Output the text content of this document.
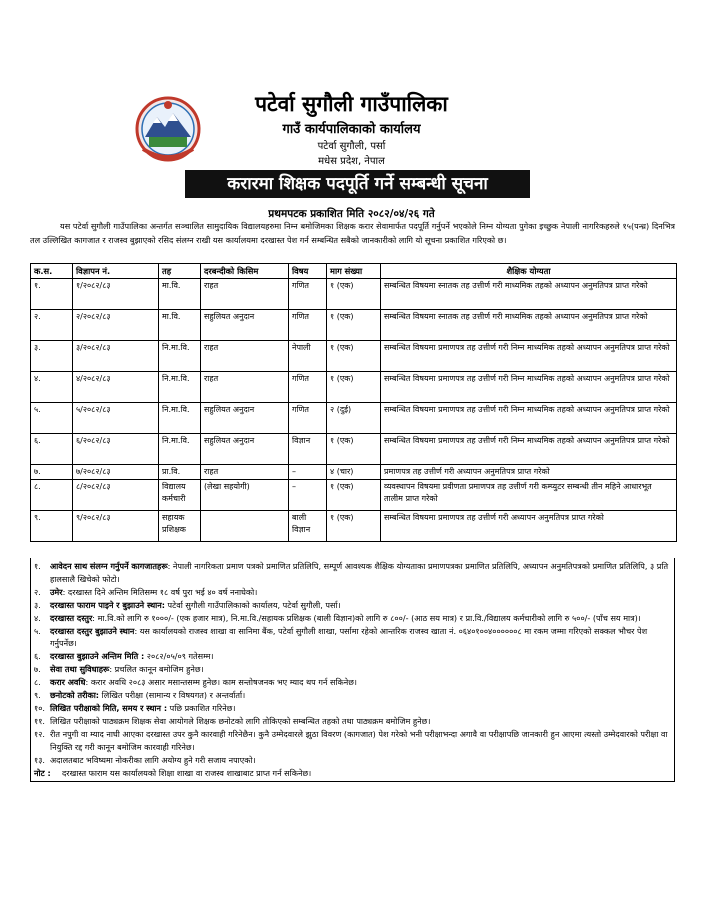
पटेर्वा सुगौली गाउँपालिका
गाउँ कार्यपालिकाको कार्यालय
पटेर्वा सुगौली, पर्सा
मधेस प्रदेश, नेपाल
करारमा शिक्षक पदपूर्ति गर्ने सम्बन्धी सूचना
प्रथमपटक प्रकाशित मिति २०८२/०४/२६ गते
यस पटेर्वा सुगौली गाउँपालिका अन्तर्गत सञ्चालित सामुदायिक विद्यालयहरुमा निम्न बमोजिमका शिक्षक करार सेवामार्फत पदपूर्ति गर्नुपर्ने भएकोले निम्न योग्यता पुगेका इच्छुक नेपाली नागरिकहरुले १५(पन्ध्र) दिनभित्र तल उल्लिखित कागजात र राजस्व बुझाएको रसिद संलग्न राखी यस कार्यालयमा दरखास्त पेश गर्न सम्बन्धित सबैको जानकारीको लागि यो सूचना प्रकाशित गरिएको छ।
क.स.	विज्ञापन नं.	तह	दरबन्दीको किसिम	विषय	माग संख्या	शैक्षिक योग्यता
१.	१/२०८२/८३	मा.वि.	राहत	गणित	१ (एक)	सम्बन्धित विषयमा स्नातक तह उत्तीर्ण गरी माध्यमिक तहको अध्यापन अनुमतिपत्र प्राप्त गरेको
२.	२/२०८२/८३	मा.वि.	सहुलियत अनुदान	गणित	१ (एक)	सम्बन्धित विषयमा स्नातक तह उत्तीर्ण गरी माध्यमिक तहको अध्यापन अनुमतिपत्र प्राप्त गरेको
३.	३/२०८२/८३	नि.मा.वि.	राहत	नेपाली	१ (एक)	सम्बन्धित विषयमा प्रमाणपत्र तह उत्तीर्ण गरी निम्न माध्यमिक तहको अध्यापन अनुमतिपत्र प्राप्त गरेको
४.	४/२०८२/८३	नि.मा.वि.	राहत	गणित	१ (एक)	सम्बन्धित विषयमा प्रमाणपत्र तह उत्तीर्ण गरी निम्न माध्यमिक तहको अध्यापन अनुमतिपत्र प्राप्त गरेको
५.	५/२०८२/८३	नि.मा.वि.	सहुलियत अनुदान	गणित	२ (दुई)	सम्बन्धित विषयमा प्रमाणपत्र तह उत्तीर्ण गरी निम्न माध्यमिक तहको अध्यापन अनुमतिपत्र प्राप्त गरेको
६.	६/२०८२/८३	नि.मा.वि.	सहुलियत अनुदान	विज्ञान	१ (एक)	सम्बन्धित विषयमा प्रमाणपत्र तह उत्तीर्ण गरी निम्न माध्यमिक तहको अध्यापन अनुमतिपत्र प्राप्त गरेको
७.	७/२०८२/८३	प्रा.वि.	राहत	–	४ (चार)	प्रमाणपत्र तह उत्तीर्ण गरी अध्यापन अनुमतिपत्र प्राप्त गरेको
८.	८/२०८२/८३	विद्यालय कर्मचारी	(लेखा सहयोगी)	–	१ (एक)	व्यवस्थापन विषयमा प्रवीणता प्रमाणपत्र तह उत्तीर्ण गरी कम्प्युटर सम्बन्धी तीन महिने आधारभूत तालीम प्राप्त गरेको
९.	९/२०८२/८३	सहायक प्रशिक्षक		बाली विज्ञान	१ (एक)	सम्बन्धित विषयमा प्रमाणपत्र तह उत्तीर्ण गरी अध्यापन अनुमतिपत्र प्राप्त गरेको
१.	आवेदन साथ संलग्न गर्नुपर्ने कागजातहरू: नेपाली नागरिकता प्रमाण पत्रको प्रमाणित प्रतिलिपि, सम्पूर्ण आवश्यक शैक्षिक योग्यताका प्रमाणपत्रका प्रमाणित प्रतिलिपि, अध्यापन अनुमतिपत्रको प्रमाणित प्रतिलिपि, ३ प्रति हालसालै खिचेको फोटो।
२.	उमेर: दरखास्त दिने अन्तिम मितिसम्म १८ वर्ष पुरा भई ४० वर्ष ननाघेको।
३.	दरखास्त फाराम पाइने र बुझाउने स्थान: पटेर्वा सुगौली गाउँपालिकाको कार्यालय, पटेर्वा सुगौली, पर्सा।
४.	दरखास्त दस्तुर: मा.वि.को लागि रु १०००/- (एक हजार मात्र), नि.मा.वि./सहायक प्रशिक्षक (बाली विज्ञान)को लागि रु ८००/- (आठ सय मात्र) र प्रा.वि./विद्यालय कर्मचारीको लागि रु ५००/- (पाँच सय मात्र)।
५.	दरखास्त दस्तुर बुझाउने स्थान: यस कार्यालयको राजस्व शाखा वा सानिमा बैंक, पटेर्वा सुगौली शाखा, पर्सामा रहेको आन्तरिक राजस्व खाता नं. ०६४०१००४००००००८ मा रकम जम्मा गरिएको सक्कल भौचर पेश गर्नुपर्नेछ।
६.	दरखास्त बुझाउने अन्तिम मिति : २०८२/०५/०९ गतेसम्म।
७.	सेवा तथा सुविधाहरू: प्रचलित कानून बमोजिम हुनेछ।
८.	करार अवधि: करार अवधि २०८३ असार मसान्तसम्म हुनेछ। काम सन्तोषजनक भए म्याद थप गर्न सकिनेछ।
९.	छनोटको तरीका: लिखित परीक्षा (सामान्य र विषयगत) र अन्तर्वार्ता।
१०. लिखित परीक्षाको मिति, समय र स्थान : पछि प्रकाशित गरिनेछ।
११. लिखित परीक्षाको पाठ्यक्रम शिक्षक सेवा आयोगले शिक्षक छनोटको लागि तोकिएको सम्बन्धित तहको तथा पाठ्यक्रम बमोजिम हुनेछ।
१२. रीत नपुगी वा म्याद नाघी आएका दरखास्त उपर कुनै कारवाही गरिनेछैन। कुनै उम्मेदवारले झुठा विवरण (कागजात) पेश गरेको भनी परीक्षाभन्दा अगावै वा परीक्षापछि जानकारी हुन आएमा त्यस्तो उम्मेदवारको परीक्षा वा नियुक्ति रद्द गरी कानून बमोजिम कारवाही गरिनेछ।
१३. अदालतबाट भविष्यमा नोकरीका लागि अयोग्य हुने गरी सजाय नपाएको।
नोट :	दरखास्त फाराम यस कार्यालयको शिक्षा शाखा वा राजस्व शाखाबाट प्राप्त गर्न सकिनेछ।
